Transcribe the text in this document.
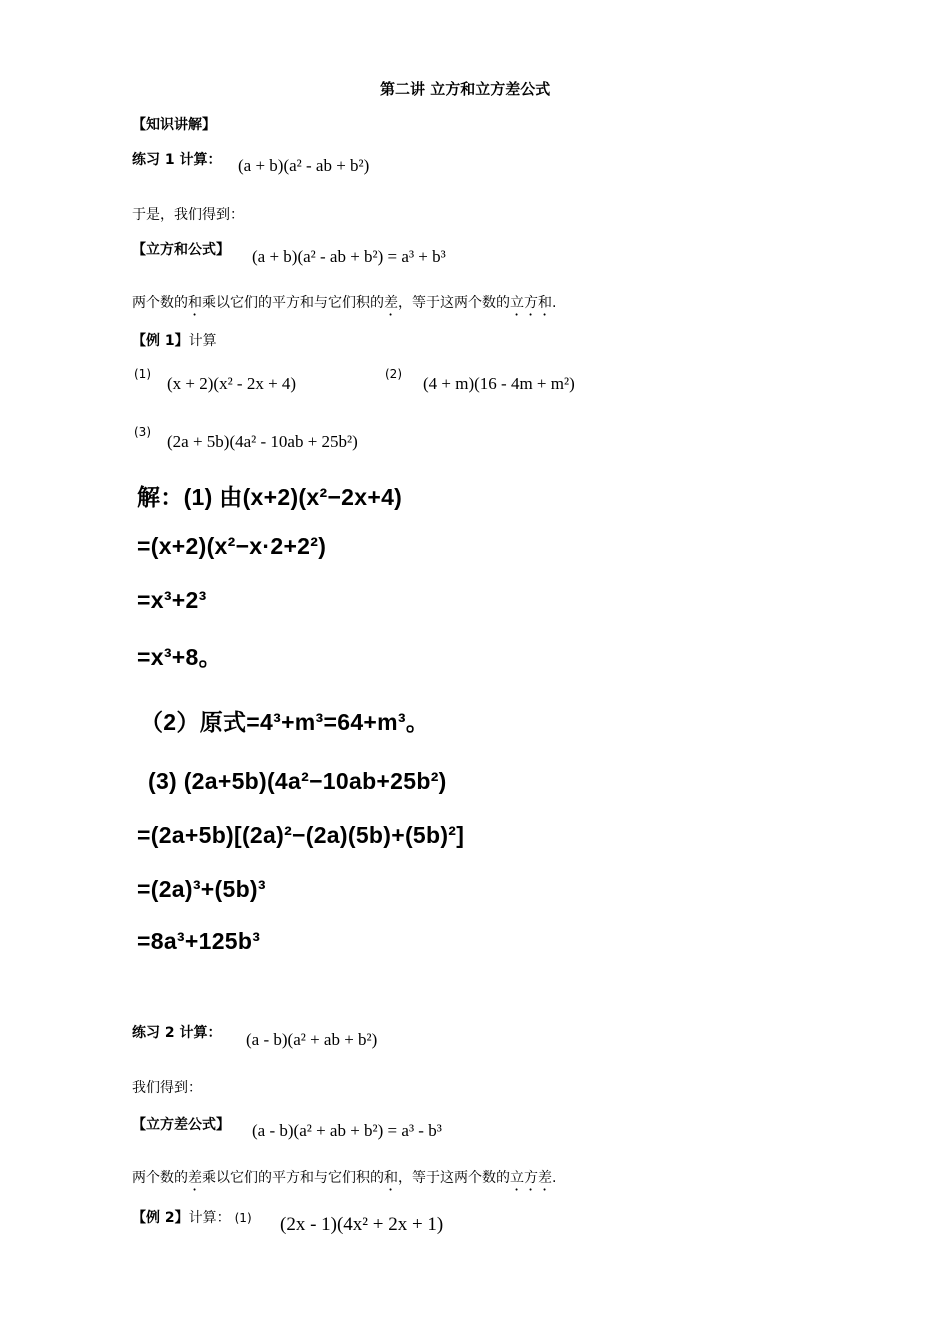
第二讲 立方和立方差公式
【知识讲解】
练习 1 计算： (a + b)(a² - ab + b²)
于是，我们得到：
【立方和公式】 (a + b)(a² - ab + b²) = a³ + b³
两个数的和乘以它们的平方和与它们积的差，等于这两个数的立方和.
【例 1】计算
(1) (x + 2)(x² - 2x + 4)	(2) (4 + m)(16 - 4m + m²)
(3) (2a + 5b)(4a² - 10ab + 25b²)
解：(1) 由(x+2)(x²−2x+4)
=(x+2)(x²−x·2+2²)
=x³+2³
=x³+8。
（2）原式=4³+m³=64+m³。
(3) (2a+5b)(4a²−10ab+25b²)
=(2a+5b)[(2a)²−(2a)(5b)+(5b)²]
=(2a)³+(5b)³
=8a³+125b³
练习 2 计算： (a - b)(a² + ab + b²)
我们得到：
【立方差公式】 (a - b)(a² + ab + b²) = a³ - b³
两个数的差乘以它们的平方和与它们积的和，等于这两个数的立方差.
【例 2】计算： (1) (2x - 1)(4x² + 2x + 1)
